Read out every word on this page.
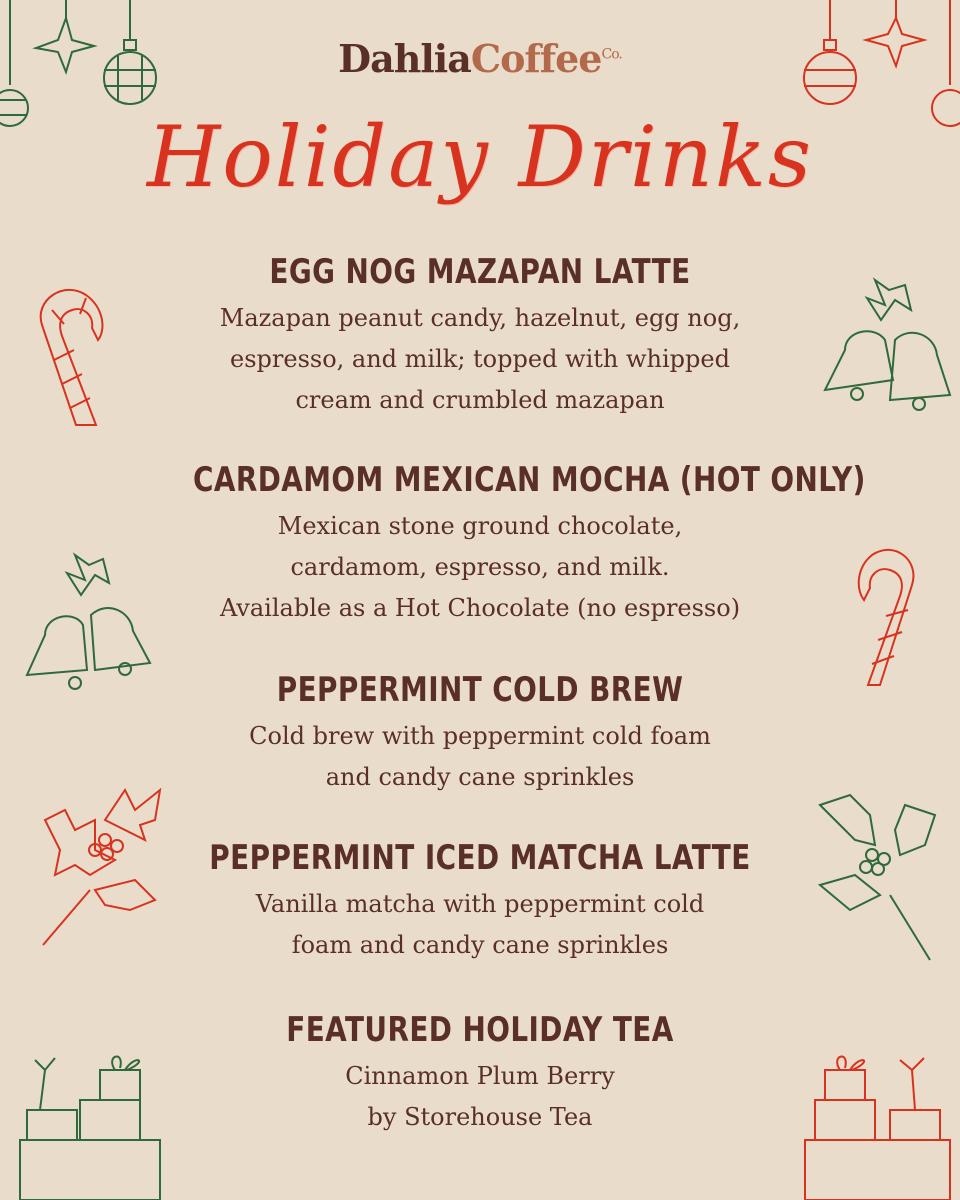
DahliaCoffee$^{Co.}$
Holiday Drinks
EGG NOG MAZAPAN LATTE
Mazapan peanut candy, hazelnut, egg nog,
espresso, and milk; topped with whipped
cream and crumbled mazapan
CARDAMOM MEXICAN MOCHA (HOT ONLY)
Mexican stone ground chocolate,
cardamom, espresso, and milk.
Available as a Hot Chocolate (no espresso)
PEPPERMINT COLD BREW
Cold brew with peppermint cold foam
and candy cane sprinkles
PEPPERMINT ICED MATCHA LATTE
Vanilla matcha with peppermint cold
foam and candy cane sprinkles
FEATURED HOLIDAY TEA
Cinnamon Plum Berry
by Storehouse Tea
